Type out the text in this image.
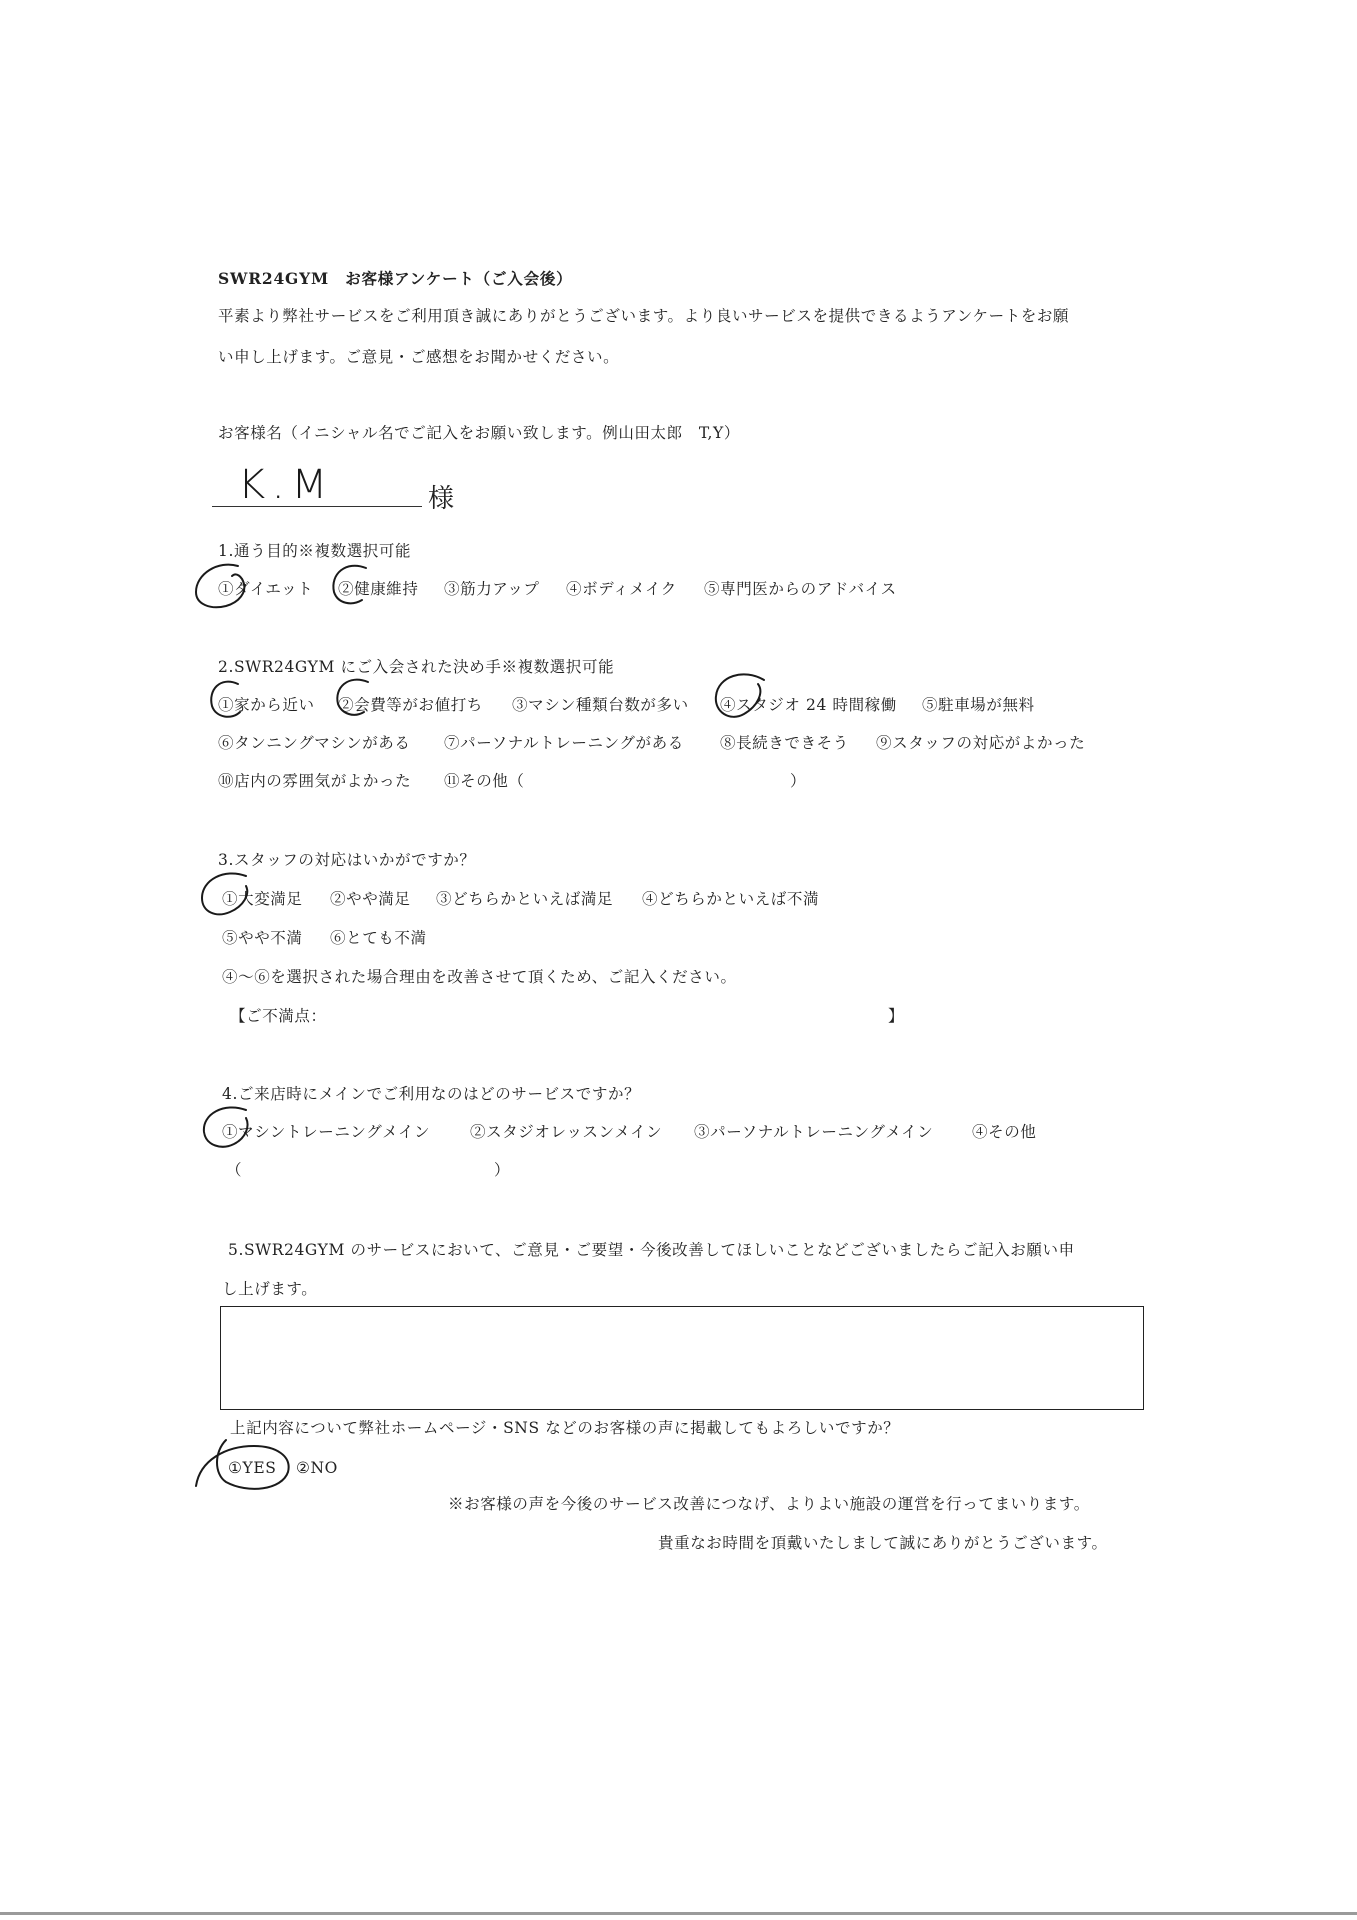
SWR24GYM　お客様アンケート（ご入会後）
平素より弊社サービスをご利用頂き誠にありがとうございます。より良いサービスを提供できるようアンケートをお願
い申し上げます。ご意見・ご感想をお聞かせください。
お客様名（イニシャル名でご記入をお願い致します。例山田太郎　T,Y）
K.M	様
1.通う目的※複数選択可能
①ダイエット ②健康維持 ③筋力アップ ④ボディメイク ⑤専門医からのアドバイス
2.SWR24GYM にご入会された決め手※複数選択可能
①家から近い ②会費等がお値打ち ③マシン種類台数が多い ④スタジオ 24 時間稼働 ⑤駐車場が無料
⑥タンニングマシンがある ⑦パーソナルトレーニングがある ⑧長続きできそう ⑨スタッフの対応がよかった
⑩店内の雰囲気がよかった ⑪その他（	）
3.スタッフの対応はいかがですか？
①大変満足 ②やや満足 ③どちらかといえば満足 ④どちらかといえば不満
⑤やや不満 ⑥とても不満
④～⑥を選択された場合理由を改善させて頂くため、ご記入ください。
【ご不満点：	】
4.ご来店時にメインでご利用なのはどのサービスですか？
①マシントレーニングメイン	②スタジオレッスンメイン ③パーソナルトレーニングメイン ④その他
（	）
5.SWR24GYM のサービスにおいて、ご意見・ご要望・今後改善してほしいことなどございましたらご記入お願い申
し上げます。
上記内容について弊社ホームページ・SNS などのお客様の声に掲載してもよろしいですか？
①YES ②NO
※お客様の声を今後のサービス改善につなげ、よりよい施設の運営を行ってまいります。
貴重なお時間を頂戴いたしまして誠にありがとうございます。
